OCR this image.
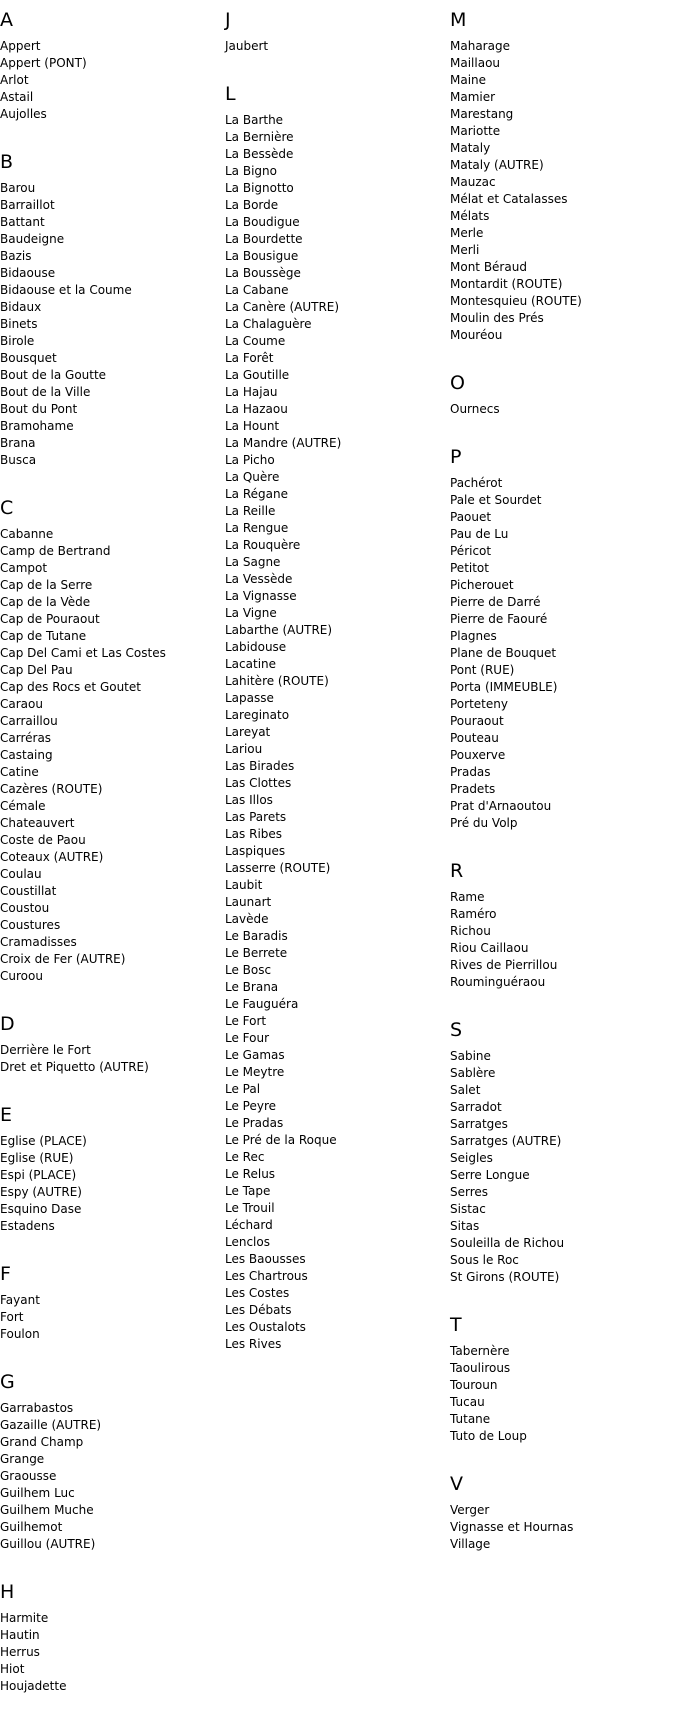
A
Appert
Appert (PONT)
Arlot
Astail
Aujolles
B
Barou
Barraillot
Battant
Baudeigne
Bazis
Bidaouse
Bidaouse et la Coume
Bidaux
Binets
Birole
Bousquet
Bout de la Goutte
Bout de la Ville
Bout du Pont
Bramohame
Brana
Busca
C
Cabanne
Camp de Bertrand
Campot
Cap de la Serre
Cap de la Vède
Cap de Pouraout
Cap de Tutane
Cap Del Cami et Las Costes
Cap Del Pau
Cap des Rocs et Goutet
Caraou
Carraillou
Carréras
Castaing
Catine
Cazères (ROUTE)
Cémale
Chateauvert
Coste de Paou
Coteaux (AUTRE)
Coulau
Coustillat
Coustou
Coustures
Cramadisses
Croix de Fer (AUTRE)
Curoou
D
Derrière le Fort
Dret et Piquetto (AUTRE)
E
Eglise (PLACE)
Eglise (RUE)
Espi (PLACE)
Espy (AUTRE)
Esquino Dase
Estadens
F
Fayant
Fort
Foulon
G
Garrabastos
Gazaille (AUTRE)
Grand Champ
Grange
Graousse
Guilhem Luc
Guilhem Muche
Guilhemot
Guillou (AUTRE)
H
Harmite
Hautin
Herrus
Hiot
Houjadette
J
Jaubert
L
La Barthe
La Bernière
La Bessède
La Bigno
La Bignotto
La Borde
La Boudigue
La Bourdette
La Bousigue
La Boussège
La Cabane
La Canère (AUTRE)
La Chalaguère
La Coume
La Forêt
La Goutille
La Hajau
La Hazaou
La Hount
La Mandre (AUTRE)
La Picho
La Quère
La Régane
La Reille
La Rengue
La Rouquère
La Sagne
La Vessède
La Vignasse
La Vigne
Labarthe (AUTRE)
Labidouse
Lacatine
Lahitère (ROUTE)
Lapasse
Lareginato
Lareyat
Lariou
Las Birades
Las Clottes
Las Illos
Las Parets
Las Ribes
Laspiques
Lasserre (ROUTE)
Laubit
Launart
Lavède
Le Baradis
Le Berrete
Le Bosc
Le Brana
Le Fauguéra
Le Fort
Le Four
Le Gamas
Le Meytre
Le Pal
Le Peyre
Le Pradas
Le Pré de la Roque
Le Rec
Le Relus
Le Tape
Le Trouil
Léchard
Lenclos
Les Baousses
Les Chartrous
Les Costes
Les Débats
Les Oustalots
Les Rives
M
Maharage
Maillaou
Maine
Mamier
Marestang
Mariotte
Mataly
Mataly (AUTRE)
Mauzac
Mélat et Catalasses
Mélats
Merle
Merli
Mont Béraud
Montardit (ROUTE)
Montesquieu (ROUTE)
Moulin des Prés
Mouréou
O
Ournecs
P
Pachérot
Pale et Sourdet
Paouet
Pau de Lu
Péricot
Petitot
Picherouet
Pierre de Darré
Pierre de Faouré
Plagnes
Plane de Bouquet
Pont (RUE)
Porta (IMMEUBLE)
Porteteny
Pouraout
Pouteau
Pouxerve
Pradas
Pradets
Prat d'Arnaoutou
Pré du Volp
R
Rame
Raméro
Richou
Riou Caillaou
Rives de Pierrillou
Rouminguérаou
S
Sabine
Sablère
Salet
Sarradot
Sarratges
Sarratges (AUTRE)
Seigles
Serre Longue
Serres
Sistac
Sitas
Souleilla de Richou
Sous le Roc
St Girons (ROUTE)
T
Tabernère
Taoulirous
Touroun
Tucau
Tutane
Tuto de Loup
V
Verger
Vignasse et Hournas
Village
